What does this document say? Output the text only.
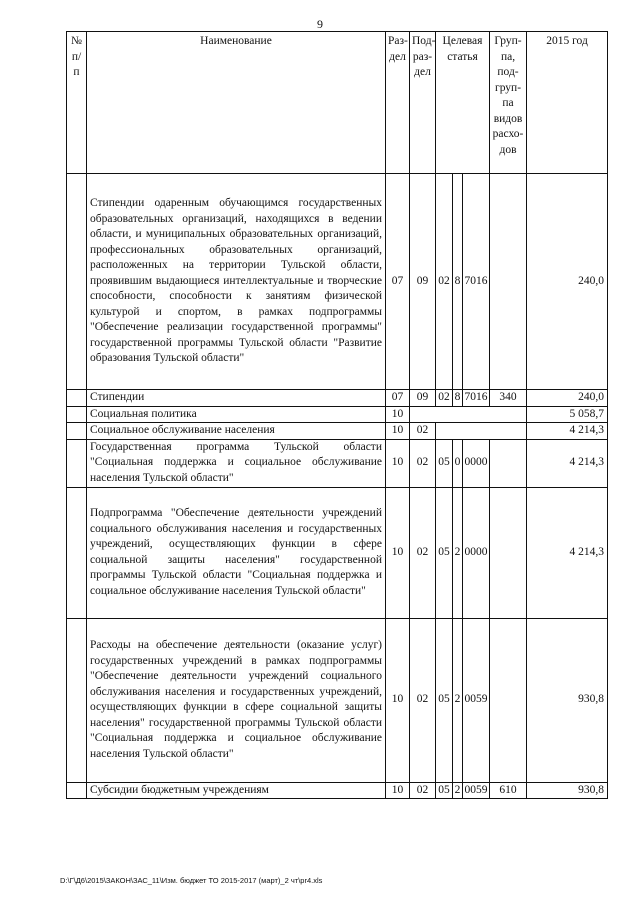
9
№ п/п	Наименование	Раз- дел	Под- раз- дел	Целевая статья			Груп- па, под- груп- па видов расхо- дов	2015 год
	Стипендии одаренным обучающимся государственных образовательных организаций, находящихся в ведении области, и муниципальных образовательных организаций, профессиональных образовательных организаций, расположенных на территории Тульской области, проявившим выдающиеся интеллектуальные и творческие способности, способности к занятиям физической культурой и спортом, в рамках подпрограммы "Обеспечение реализации государственной программы" государственной программы Тульской области "Развитие образования Тульской области"	07	09	02	8	7016		240,0
	Стипендии	07	09	02	8	7016	340	240,0
	Социальная политика	10						5 058,7
	Социальное обслуживание населения	10	02					4 214,3
	Государственная программа Тульской области "Социальная поддержка и социальное обслуживание населения Тульской области"	10	02	05	0	0000		4 214,3
	Подпрограмма "Обеспечение деятельности учреждений социального обслуживания населения и государственных учреждений, осуществляющих функции в сфере социальной защиты населения" государственной программы Тульской области "Социальная поддержка и социальное обслуживание населения Тульской области"	10	02	05	2	0000		4 214,3
	Расходы на обеспечение деятельности (оказание услуг) государственных учреждений в рамках подпрограммы "Обеспечение деятельности учреждений социального обслуживания населения и государственных учреждений, осуществляющих функции в сфере социальной защиты населения" государственной программы Тульской области "Социальная поддержка и социальное обслуживание населения Тульской области"	10	02	05	2	0059		930,8
	Субсидии бюджетным учреждениям	10	02	05	2	0059	610	930,8
D:\Г\Д6\2015\ЗАКОН\ЗАС_11\Изм. бюджет ТО 2015-2017 (март)_2 чт\pr4.xls
